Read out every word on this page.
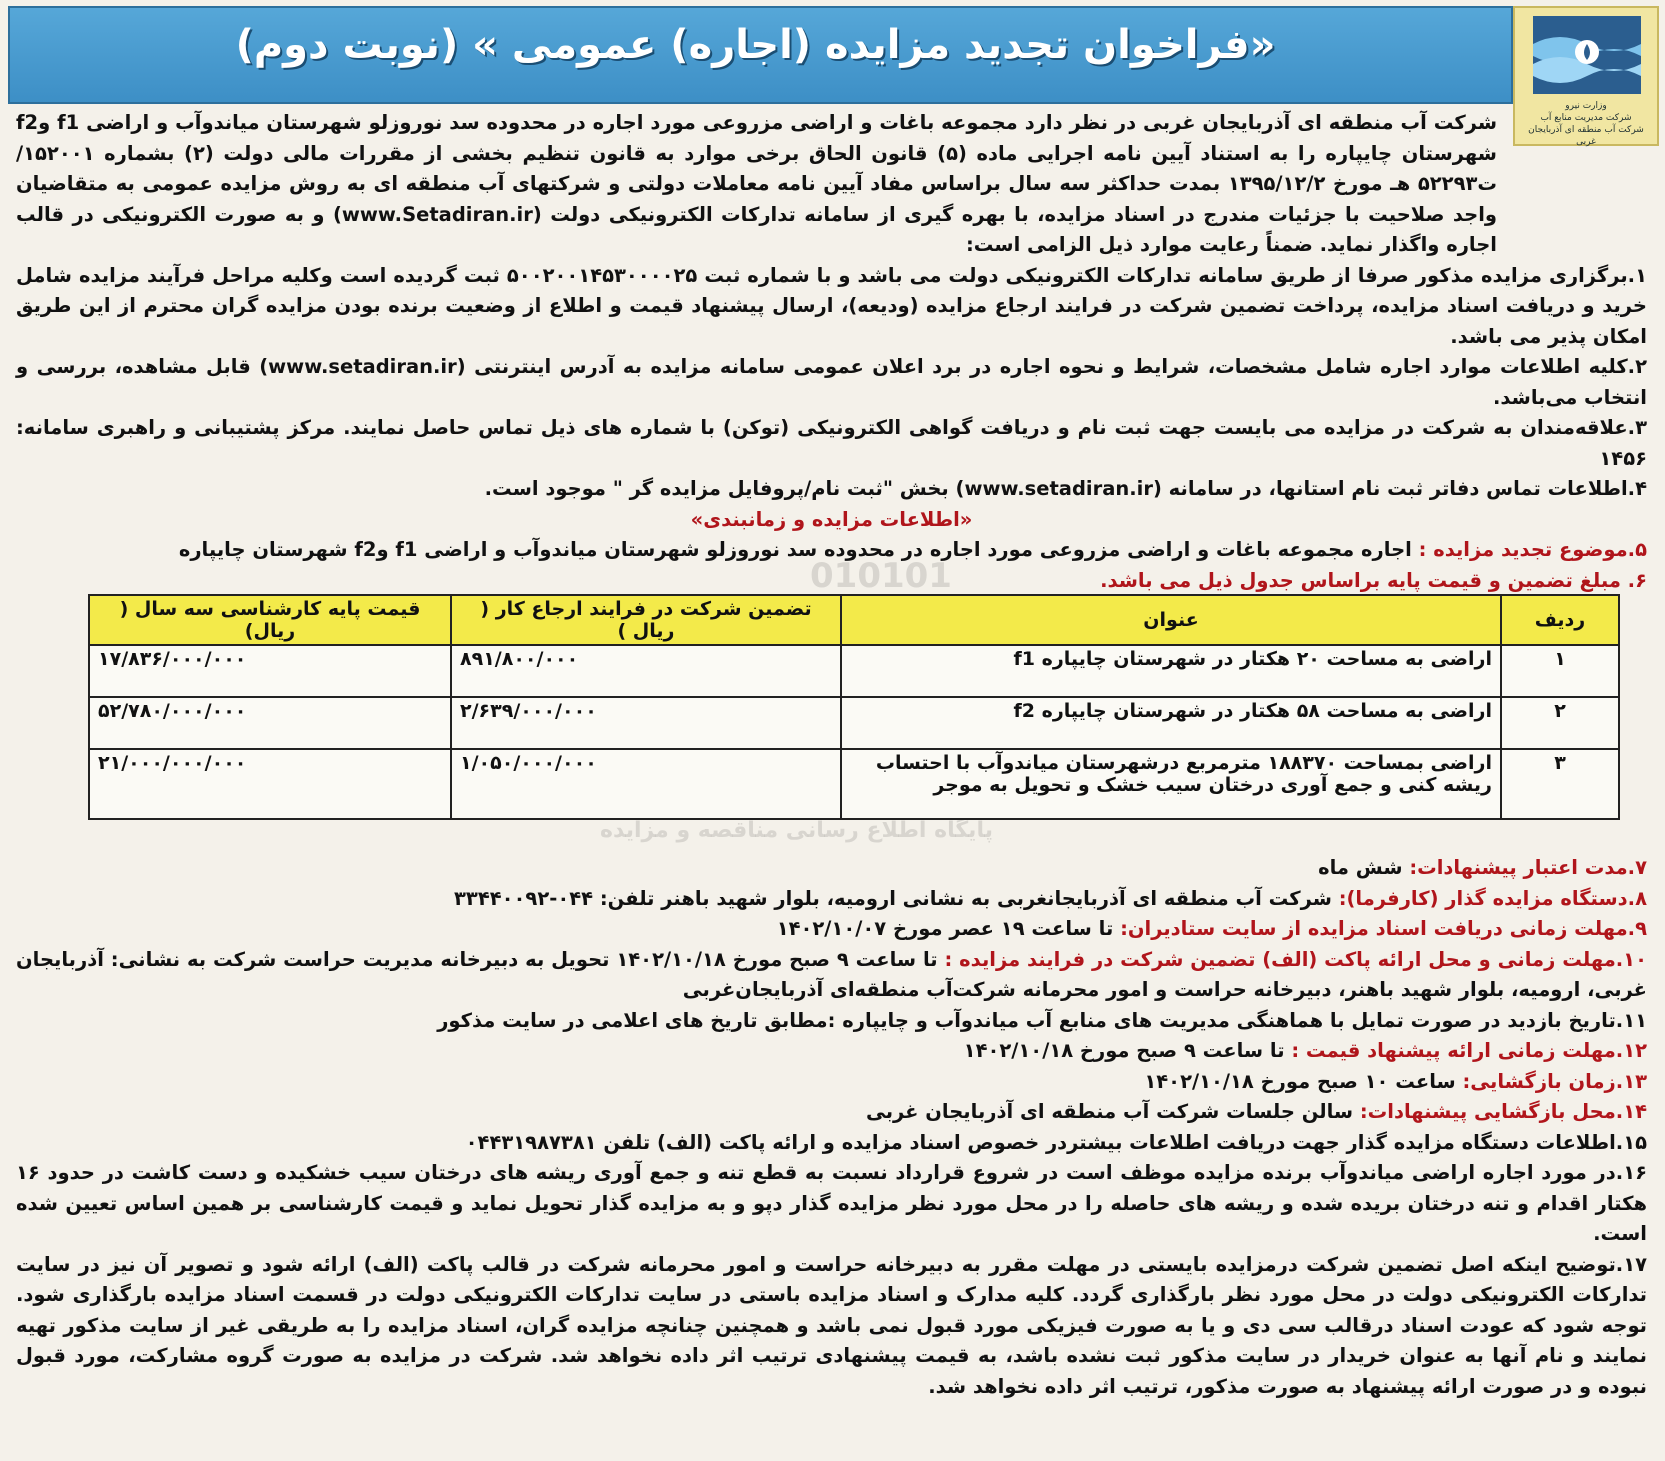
«فراخوان تجدید مزایده (اجاره) عمومی » (نوبت دوم)
وزارت نیرو
شرکت مدیریت منابع آب
شرکت آب منطقه ای آذربایجان غربی

شرکت آب منطقه ای آذربایجان غربی در نظر دارد مجموعه باغات و اراضی مزروعی مورد اجاره در محدوده سد نوروزلو شهرستان میاندوآب و اراضی f1 وf2 شهرستان چایپاره را به استناد آیین نامه اجرایی ماده (۵) قانون الحاق برخی موارد به قانون تنظیم بخشی از مقررات مالی دولت (۲) بشماره ۱۵۲۰۰۱/ت۵۲۲۹۳ هـ مورخ ۱۳۹۵/۱۲/۲ بمدت حداکثر سه سال براساس مفاد آیین نامه معاملات دولتی و شرکتهای آب منطقه ای به روش مزایده عمومی به متقاضیان واجد صلاحیت با جزئیات مندرج در اسناد مزایده، با بهره گیری از سامانه تدارکات الکترونیکی دولت (www.Setadiran.ir) و به صورت الکترونیکی در قالب اجاره واگذار نماید. ضمناً رعایت موارد ذیل الزامی است:

۱.برگزاری مزایده مذکور صرفا از طریق سامانه تدارکات الکترونیکی دولت می باشد و با شماره ثبت ۵۰۰۲۰۰۱۴۵۳۰۰۰۰۲۵ ثبت گردیده است وکلیه مراحل فرآیند مزایده شامل خرید و دریافت اسناد مزایده، پرداخت تضمین شرکت در فرایند ارجاع مزایده (ودیعه)، ارسال پیشنهاد قیمت و اطلاع از وضعیت برنده بودن مزایده گران محترم از این طریق امکان پذیر می باشد.

۲.کلیه اطلاعات موارد اجاره شامل مشخصات، شرایط و نحوه اجاره در برد اعلان عمومی سامانه مزایده به آدرس اینترنتی (www.setadiran.ir) قابل مشاهده، بررسی و انتخاب می‌باشد.

۳.علاقه‌مندان به شرکت در مزایده می بایست جهت ثبت نام و دریافت گواهی الکترونیکی (توکن) با شماره های ذیل تماس حاصل نمایند. مرکز پشتیبانی و راهبری سامانه: ۱۴۵۶

۴.اطلاعات تماس دفاتر ثبت نام استانها، در سامانه (www.setadiran.ir) بخش "ثبت نام/پروفایل مزایده گر " موجود است.

«اطلاعات مزایده و زمانبندی»

۵.موضوع تجدید مزایده : اجاره مجموعه باغات و اراضی مزروعی مورد اجاره در محدوده سد نوروزلو شهرستان میاندوآب و اراضی f1 وf2 شهرستان چایپاره

۶. مبلغ تضمین و قیمت پایه براساس جدول ذیل می باشد.

010101
پایگاه اطلاع رسانی مناقصه و مزایده
ردیف	عنوان	تضمین شرکت در فرایند ارجاع کار ( ریال )	قیمت پایه کارشناسی سه سال ( ریال)
۱	اراضی به مساحت ۲۰ هکتار در شهرستان چایپاره f1	۸۹۱/۸۰۰/۰۰۰	۱۷/۸۳۶/۰۰۰/۰۰۰
۲	اراضی به مساحت ۵۸ هکتار در شهرستان چایپاره f2	۲/۶۳۹/۰۰۰/۰۰۰	۵۲/۷۸۰/۰۰۰/۰۰۰
۳	اراضی بمساحت ۱۸۸۳۷۰ مترمربع درشهرستان میاندوآب با احتساب ریشه کنی و جمع آوری درختان سیب خشک و تحویل به موجر	۱/۰۵۰/۰۰۰/۰۰۰	۲۱/۰۰۰/۰۰۰/۰۰۰

۷.مدت اعتبار پیشنهادات: شش ماه

۸.دستگاه مزایده گذار (کارفرما): شرکت آب منطقه ای آذربایجانغربی به نشانی ارومیه، بلوار شهید باهنر تلفن: ۰۴۴-۳۳۴۴۰۰۹۲

۹.مهلت زمانی دریافت اسناد مزایده از سایت ستادیران: تا ساعت ۱۹ عصر مورخ ۱۴۰۲/۱۰/۰۷

۱۰.مهلت زمانی و محل ارائه پاکت (الف) تضمین شرکت در فرایند مزایده : تا ساعت ۹ صبح مورخ ۱۴۰۲/۱۰/۱۸ تحویل به دبیرخانه مدیریت حراست شرکت به نشانی: آذربایجان غربی، ارومیه، بلوار شهید باهنر، دبیرخانه حراست و امور محرمانه شرکت‌آب منطقه‌ای آذربایجان‌غربی

۱۱.تاریخ بازدید در صورت تمایل با هماهنگی مدیریت های منابع آب میاندوآب و چایپاره :مطابق تاریخ های اعلامی در سایت مذکور

۱۲.مهلت زمانی ارائه پیشنهاد قیمت : تا ساعت ۹ صبح مورخ ۱۴۰۲/۱۰/۱۸

۱۳.زمان بازگشایی: ساعت ۱۰ صبح مورخ ۱۴۰۲/۱۰/۱۸

۱۴.محل بازگشایی پیشنهادات: سالن جلسات شرکت آب منطقه ای آذربایجان غربی

۱۵.اطلاعات دستگاه مزایده گذار جهت دریافت اطلاعات بیشتردر خصوص اسناد مزایده و ارائه پاکت (الف) تلفن ۰۴۴۳۱۹۸۷۳۸۱

۱۶.در مورد اجاره اراضی میاندوآب برنده مزایده موظف است در شروع قرارداد نسبت به قطع تنه و جمع آوری ریشه های درختان سیب خشکیده و دست کاشت در حدود ۱۶ هکتار اقدام و تنه درختان بریده شده و ریشه های حاصله را در محل مورد نظر مزایده گذار دپو و به مزایده گذار تحویل نماید و قیمت کارشناسی بر همین اساس تعیین شده است.

۱۷.توضیح اینکه اصل تضمین شرکت درمزایده بایستی در مهلت مقرر به دبیرخانه حراست و امور محرمانه شرکت در قالب پاکت (الف) ارائه شود و تصویر آن نیز در سایت تدارکات الکترونیکی دولت در محل مورد نظر بارگذاری گردد. کلیه مدارک و اسناد مزایده باستی در سایت تدارکات الکترونیکی دولت در قسمت اسناد مزایده بارگذاری شود. توجه شود که عودت اسناد درقالب سی دی و یا به صورت فیزیکی مورد قبول نمی باشد و همچنین چنانچه مزایده گران، اسناد مزایده را به طریقی غیر از سایت مذکور تهیه نمایند و نام آنها به عنوان خریدار در سایت مذکور ثبت نشده باشد، به قیمت پیشنهادی ترتیب اثر داده نخواهد شد. شرکت در مزایده به صورت گروه مشارکت، مورد قبول نبوده و در صورت ارائه پیشنهاد به صورت مذکور، ترتیب اثر داده نخواهد شد.
